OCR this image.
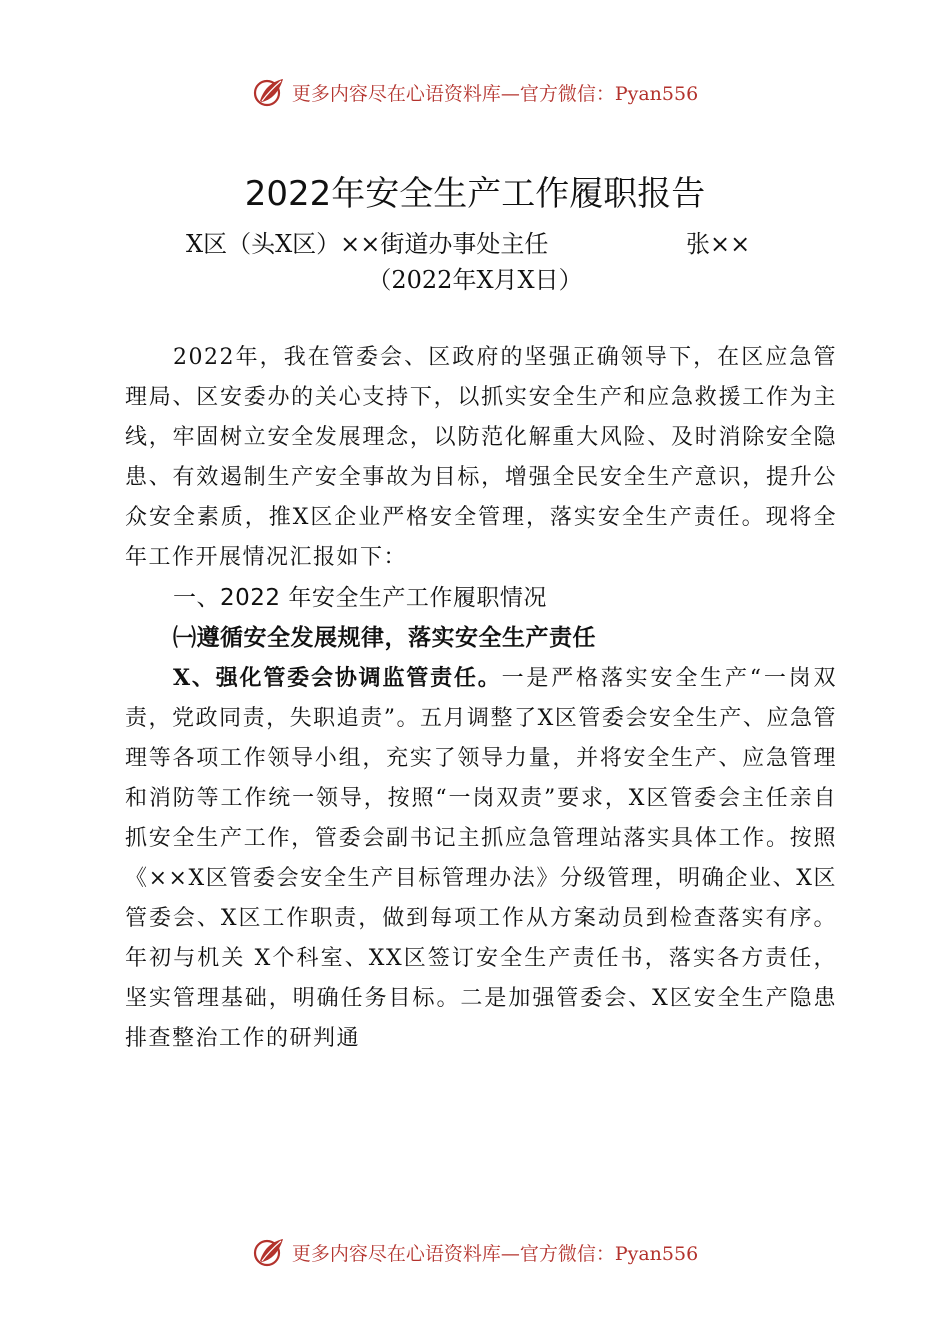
更多内容尽在心语资料库—官方微信：Pyan556
2022年安全生产工作履职报告
X区（头X区）××街道办事处主任	张××
（2022年X月X日）

2022年，我在管委会、区政府的坚强正确领导下，在区应急管理局、区安委办的关心支持下，以抓实安全生产和应急救援工作为主线，牢固树立安全发展理念，以防范化解重大风险、及时消除安全隐患、有效遏制生产安全事故为目标，增强全民安全生产意识，提升公众安全素质，推X区企业严格安全管理，落实安全生产责任。现将全年工作开展情况汇报如下：

一、2022 年安全生产工作履职情况

㈠遵循安全发展规律，落实安全生产责任

X、强化管委会协调监管责任。一是严格落实安全生产“一岗双责，党政同责，失职追责”。五月调整了X区管委会安全生产、应急管理等各项工作领导小组，充实了领导力量，并将安全生产、应急管理和消防等工作统一领导，按照“一岗双责”要求，X区管委会主任亲自抓安全生产工作，管委会副书记主抓应急管理站落实具体工作。按照《××X区管委会安全生产目标管理办法》分级管理，明确企业、X区管委会、X区工作职责，做到每项工作从方案动员到检查落实有序。年初与机关 X个科室、XX区签订安全生产责任书，落实各方责任，坚实管理基础，明确任务目标。二是加强管委会、X区安全生产隐患排查整治工作的研判通

更多内容尽在心语资料库—官方微信：Pyan556
